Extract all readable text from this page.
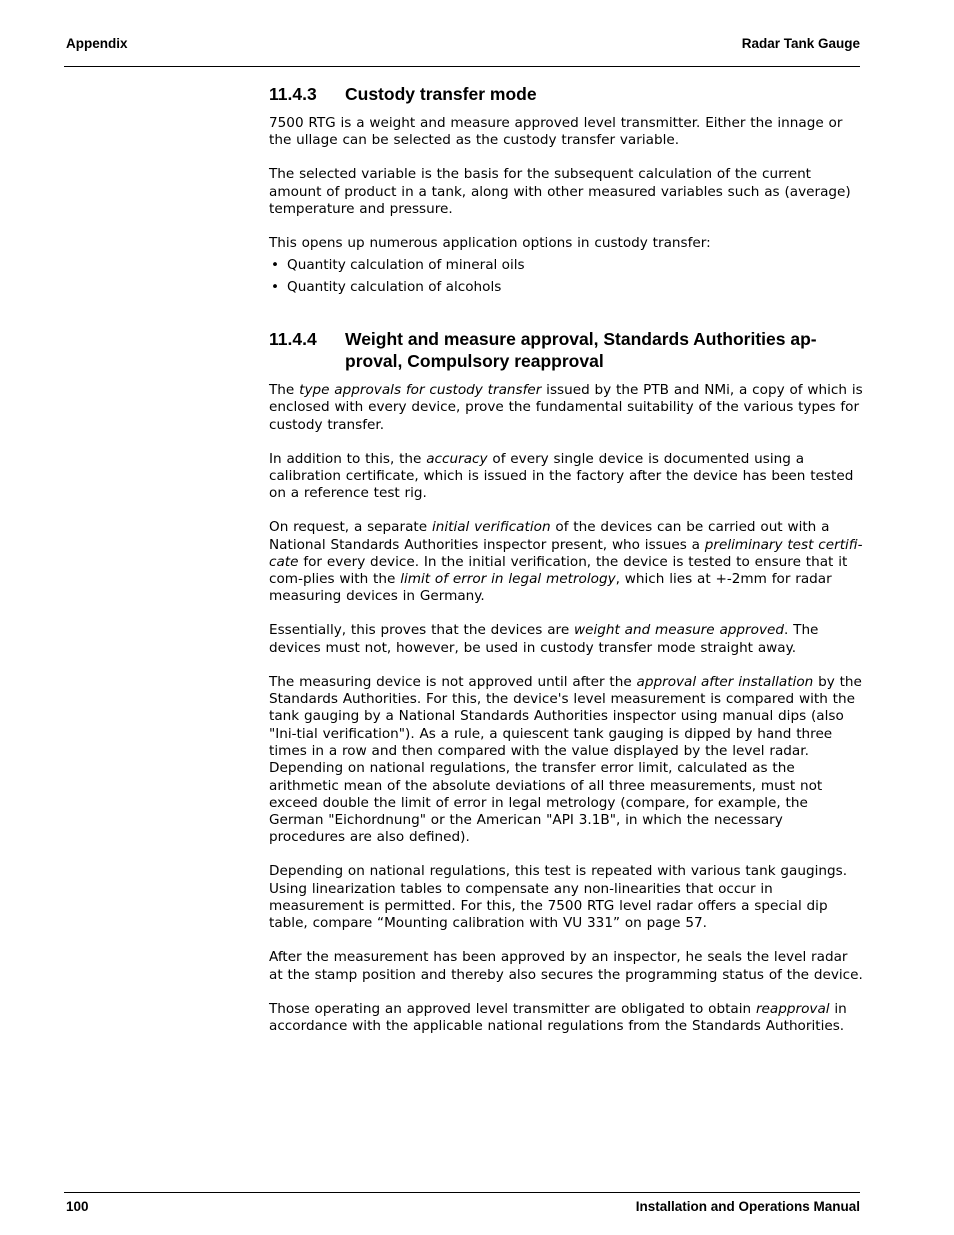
Appendix	Radar Tank Gauge
11.4.3	Custody transfer mode

7500 RTG is a weight and measure approved level transmitter. Either the innage or the ullage can be selected as the custody transfer variable.

The selected variable is the basis for the subsequent calculation of the current amount of product in a tank, along with other measured variables such as (average) temperature and pressure.

This opens up numerous application options in custody transfer:

• Quantity calculation of mineral oils
• Quantity calculation of alcohols
11.4.4	Weight and measure approval, Standards Authorities ap-proval, Compulsory reapproval

The type approvals for custody transfer issued by the PTB and NMi, a copy of which is enclosed with every device, prove the fundamental suitability of the various types for custody transfer.

In addition to this, the accuracy of every single device is documented using a calibration certificate, which is issued in the factory after the device has been tested on a reference test rig.

On request, a separate initial verification of the devices can be carried out with a National Standards Authorities inspector present, who issues a preliminary test certifi-cate for every device. In the initial verification, the device is tested to ensure that it com-plies with the limit of error in legal metrology, which lies at +-2mm for radar measuring devices in Germany.

Essentially, this proves that the devices are weight and measure approved. The devices must not, however, be used in custody transfer mode straight away.

The measuring device is not approved until after the approval after installation by the Standards Authorities. For this, the device's level measurement is compared with the tank gauging by a National Standards Authorities inspector using manual dips (also "Ini-tial verification"). As a rule, a quiescent tank gauging is dipped by hand three times in a row and then compared with the value displayed by the level radar. Depending on national regulations, the transfer error limit, calculated as the arithmetic mean of the absolute deviations of all three measurements, must not exceed double the limit of error in legal metrology (compare, for example, the German "Eichordnung" or the American "API 3.1B", in which the necessary procedures are also defined).

Depending on national regulations, this test is repeated with various tank gaugings. Using linearization tables to compensate any non-linearities that occur in measurement is permitted. For this, the 7500 RTG level radar offers a special dip table, compare “Mounting calibration with VU 331” on page 57.

After the measurement has been approved by an inspector, he seals the level radar at the stamp position and thereby also secures the programming status of the device.

Those operating an approved level transmitter are obligated to obtain reapproval in accordance with the applicable national regulations from the Standards Authorities.

100	Installation and Operations Manual
